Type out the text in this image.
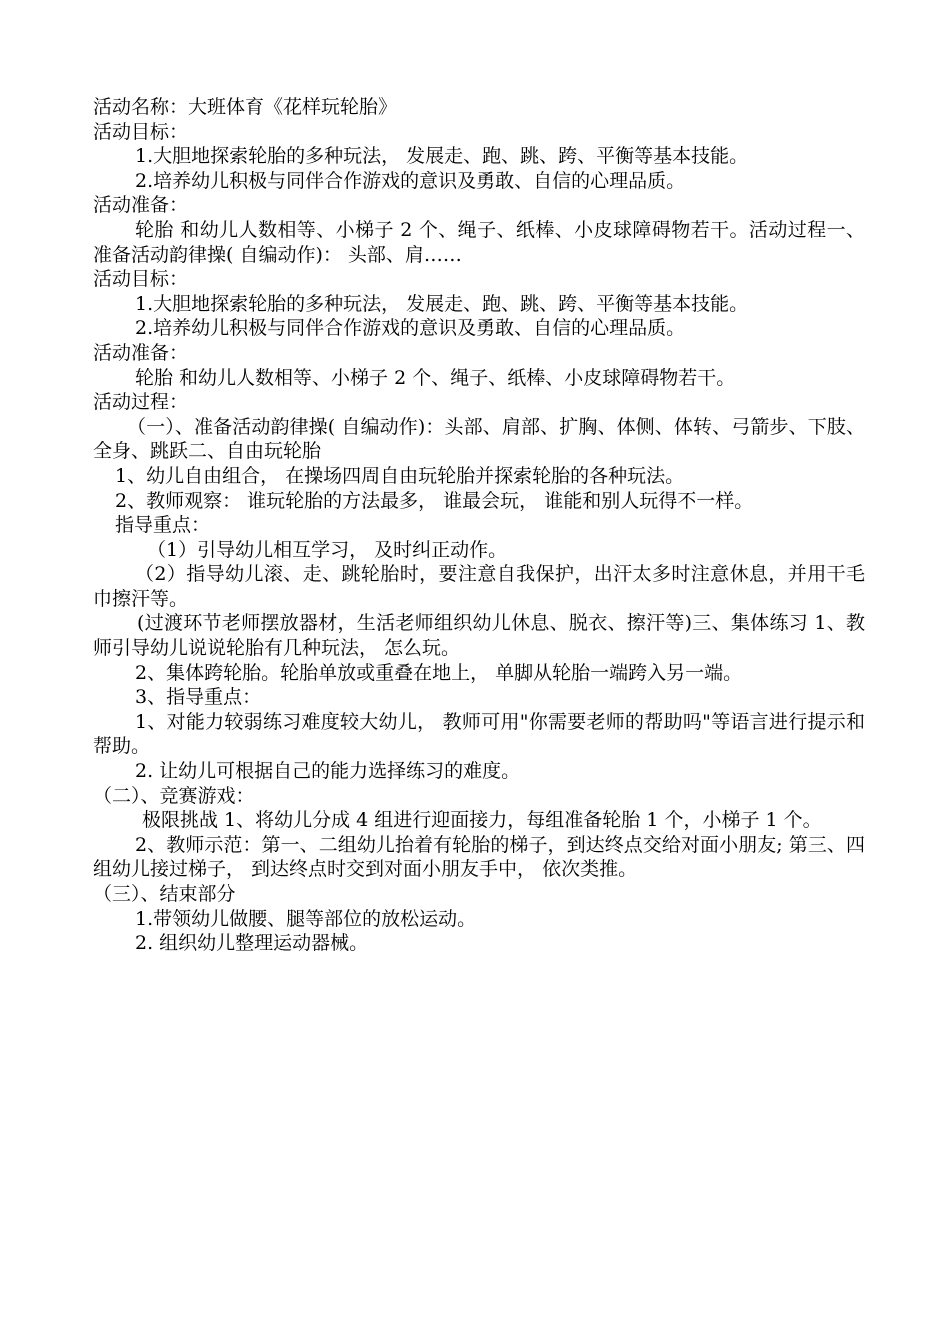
活动名称：大班体育《花样玩轮胎》

活动目标：

1.大胆地探索轮胎的多种玩法， 发展走、跑、跳、跨、平衡等基本技能。

2.培养幼儿积极与同伴合作游戏的意识及勇敢、自信的心理品质。

活动准备：

轮胎 和幼儿人数相等、小梯子 2 个、绳子、纸棒、小皮球障碍物若干。活动过程一、准备活动韵律操( 自编动作)： 头部、肩……

活动目标：

1.大胆地探索轮胎的多种玩法， 发展走、跑、跳、跨、平衡等基本技能。

2.培养幼儿积极与同伴合作游戏的意识及勇敢、自信的心理品质。

活动准备：

轮胎 和幼儿人数相等、小梯子 2 个、绳子、纸棒、小皮球障碍物若干。

活动过程：

（一）、准备活动韵律操( 自编动作)：头部、肩部、扩胸、体侧、体转、弓箭步、下肢、全身、跳跃二、自由玩轮胎

1、幼儿自由组合， 在操场四周自由玩轮胎并探索轮胎的各种玩法。

2、教师观察： 谁玩轮胎的方法最多， 谁最会玩， 谁能和别人玩得不一样。

指导重点：

（1）引导幼儿相互学习， 及时纠正动作。

（2）指导幼儿滚、走、跳轮胎时，要注意自我保护，出汗太多时注意休息，并用干毛巾擦汗等。

(过渡环节老师摆放器材，生活老师组织幼儿休息、脱衣、擦汗等)三、集体练习 1、教师引导幼儿说说轮胎有几种玩法， 怎么玩。

2、集体跨轮胎。轮胎单放或重叠在地上， 单脚从轮胎一端跨入另一端。

3、指导重点：

1、对能力较弱练习难度较大幼儿， 教师可用"你需要老师的帮助吗"等语言进行提示和帮助。

2. 让幼儿可根据自己的能力选择练习的难度。

（二）、竞赛游戏：

极限挑战 1、将幼儿分成 4 组进行迎面接力，每组准备轮胎 1 个，小梯子 1 个。

2、教师示范：第一、二组幼儿抬着有轮胎的梯子，到达终点交给对面小朋友; 第三、四组幼儿接过梯子， 到达终点时交到对面小朋友手中， 依次类推。

（三）、结束部分

1.带领幼儿做腰、腿等部位的放松运动。

2. 组织幼儿整理运动器械。
